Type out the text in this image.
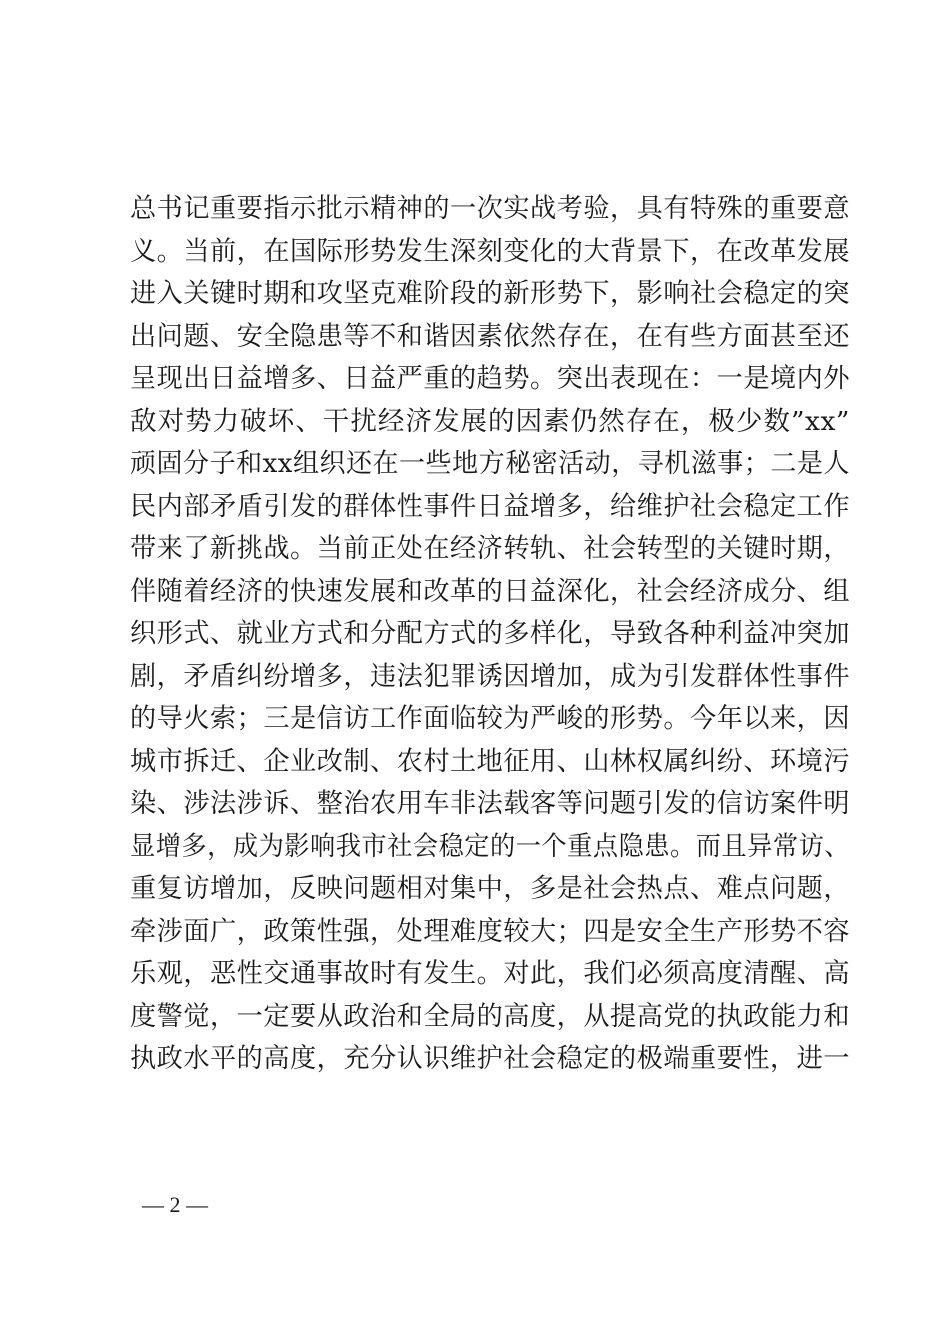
总书记重要指示批示精神的一次实战考验，具有特殊的重要意
义。当前，在国际形势发生深刻变化的大背景下，在改革发展
进入关键时期和攻坚克难阶段的新形势下，影响社会稳定的突
出问题、安全隐患等不和谐因素依然存在，在有些方面甚至还
呈现出日益增多、日益严重的趋势。突出表现在：一是境内外
敌对势力破坏、干扰经济发展的因素仍然存在，极少数”xx”
顽固分子和xx组织还在一些地方秘密活动，寻机滋事；二是人
民内部矛盾引发的群体性事件日益增多，给维护社会稳定工作
带来了新挑战。当前正处在经济转轨、社会转型的关键时期，
伴随着经济的快速发展和改革的日益深化，社会经济成分、组
织形式、就业方式和分配方式的多样化，导致各种利益冲突加
剧，矛盾纠纷增多，违法犯罪诱因增加，成为引发群体性事件
的导火索；三是信访工作面临较为严峻的形势。今年以来，因
城市拆迁、企业改制、农村土地征用、山林权属纠纷、环境污
染、涉法涉诉、整治农用车非法载客等问题引发的信访案件明
显增多，成为影响我市社会稳定的一个重点隐患。而且异常访、
重复访增加，反映问题相对集中，多是社会热点、难点问题，
牵涉面广，政策性强，处理难度较大；四是安全生产形势不容
乐观，恶性交通事故时有发生。对此，我们必须高度清醒、高
度警觉，一定要从政治和全局的高度，从提高党的执政能力和
执政水平的高度，充分认识维护社会稳定的极端重要性，进一
— 2 —
